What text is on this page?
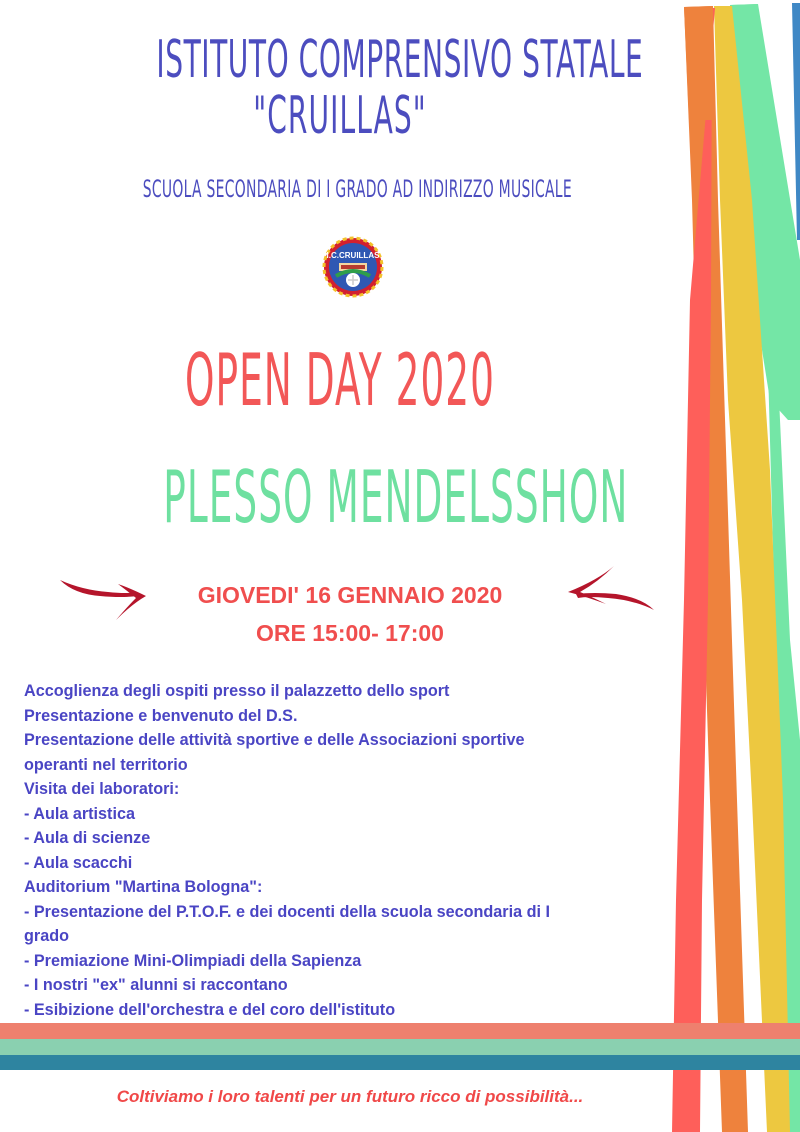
ISTITUTO COMPRENSIVO STATALE
"CRUILLAS"
SCUOLA SECONDARIA DI I GRADO AD INDIRIZZO MUSICALE
I.C.CRUILLAS
OPEN DAY 2020
PLESSO MENDELSSHON

GIOVEDI' 16 GENNAIO 2020

ORE 15:00- 17:00

Accoglienza degli ospiti presso il palazzetto dello sport
Presentazione e benvenuto del D.S.
Presentazione delle attività sportive e delle Associazioni sportive
operanti nel territorio
Visita dei laboratori:
- Aula artistica
- Aula di scienze
- Aula scacchi
Auditorium "Martina Bologna":
- Presentazione del P.T.O.F. e dei docenti della scuola secondaria di I
grado
- Premiazione Mini-Olimpiadi della Sapienza
- I nostri "ex" alunni si raccontano
- Esibizione dell'orchestra e del coro dell'istituto

Coltiviamo i loro talenti per un futuro ricco di possibilità...
